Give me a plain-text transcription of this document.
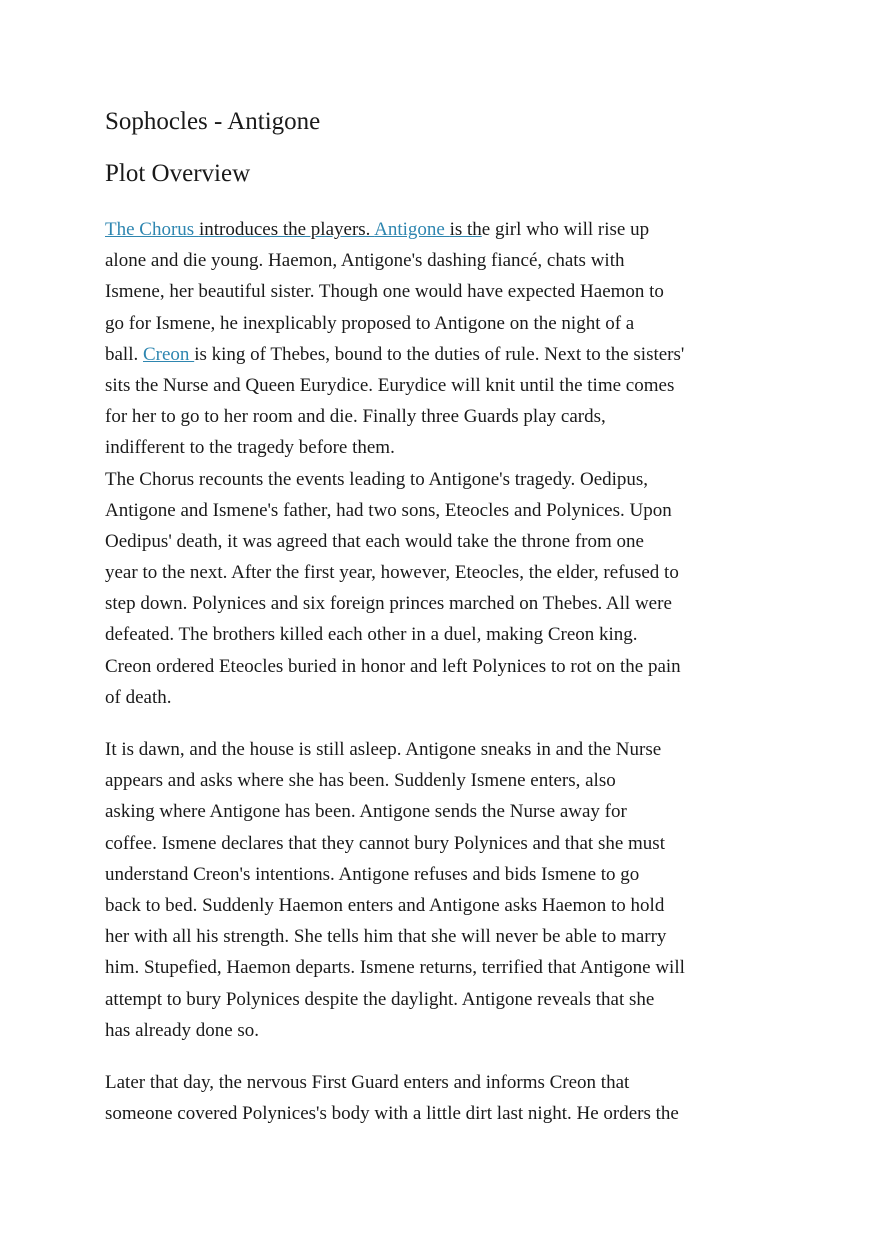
Sophocles - Antigone
Plot Overview
The Chorus introduces the players. Antigone is the girl who will rise up
alone and die young. Haemon, Antigone's dashing fiancé, chats with
Ismene, her beautiful sister. Though one would have expected Haemon to
go for Ismene, he inexplicably proposed to Antigone on the night of a
ball. Creon is king of Thebes, bound to the duties of rule. Next to the sisters'
sits the Nurse and Queen Eurydice. Eurydice will knit until the time comes
for her to go to her room and die. Finally three Guards play cards,
indifferent to the tragedy before them.
The Chorus recounts the events leading to Antigone's tragedy. Oedipus,
Antigone and Ismene's father, had two sons, Eteocles and Polynices. Upon
Oedipus' death, it was agreed that each would take the throne from one
year to the next. After the first year, however, Eteocles, the elder, refused to
step down. Polynices and six foreign princes marched on Thebes. All were
defeated. The brothers killed each other in a duel, making Creon king.
Creon ordered Eteocles buried in honor and left Polynices to rot on the pain
of death.
It is dawn, and the house is still asleep. Antigone sneaks in and the Nurse
appears and asks where she has been. Suddenly Ismene enters, also
asking where Antigone has been. Antigone sends the Nurse away for
coffee. Ismene declares that they cannot bury Polynices and that she must
understand Creon's intentions. Antigone refuses and bids Ismene to go
back to bed. Suddenly Haemon enters and Antigone asks Haemon to hold
her with all his strength. She tells him that she will never be able to marry
him. Stupefied, Haemon departs. Ismene returns, terrified that Antigone will
attempt to bury Polynices despite the daylight. Antigone reveals that she
has already done so.
Later that day, the nervous First Guard enters and informs Creon that
someone covered Polynices's body with a little dirt last night. He orders the
